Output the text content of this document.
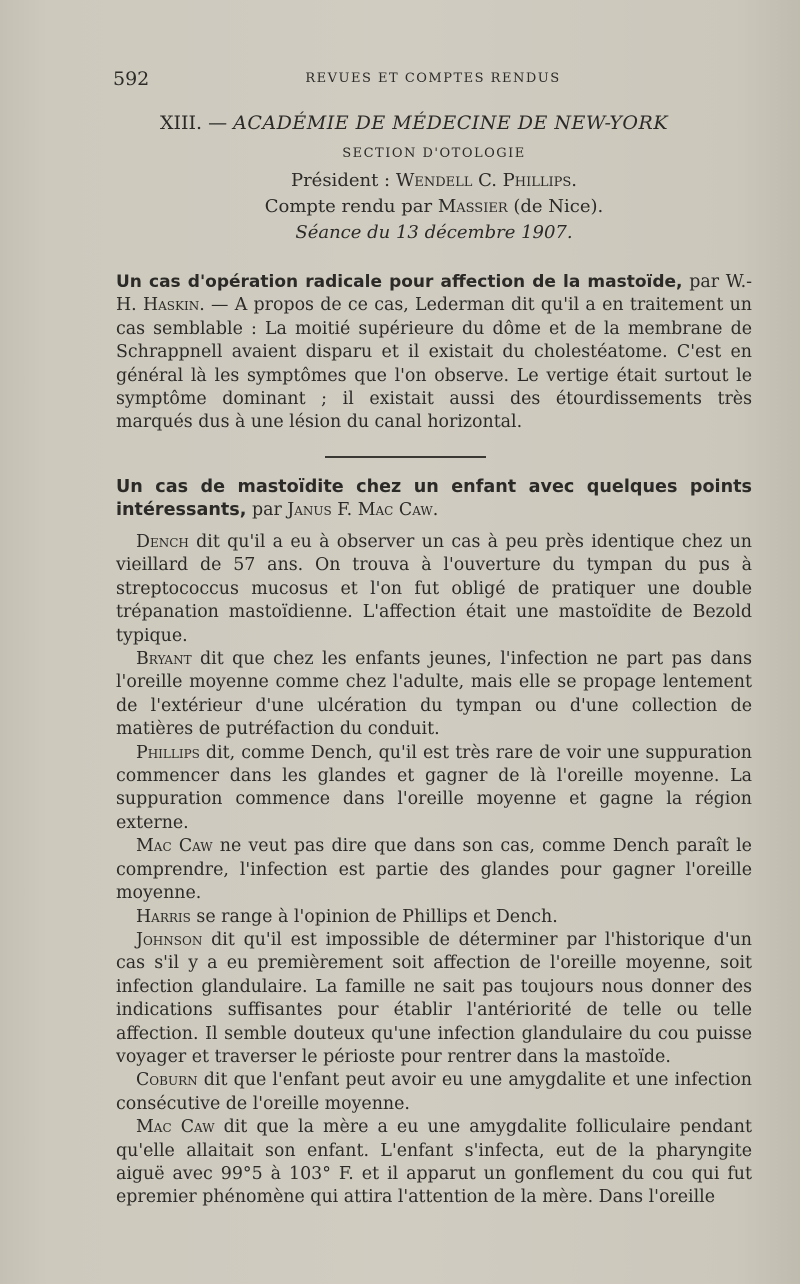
592	REVUES ET COMPTES RENDUS
XIII. — ACADÉMIE DE MÉDECINE DE NEW-YORK
SECTION D'OTOLOGIE
Président : Wendell C. Phillips.
Compte rendu par Massier (de Nice).
Séance du 13 décembre 1907.
Un cas d'opération radicale pour affection de la mastoïde, par W.-H. Haskin. — A propos de ce cas, Lederman dit qu'il a en traitement un cas semblable : La moitié supérieure du dôme et de la membrane de Schrappnell avaient disparu et il existait du cholestéatome. C'est en général là les symptômes que l'on observe. Le vertige était surtout le symptôme dominant ; il existait aussi des étourdissements très marqués dus à une lésion du canal horizontal.
Un cas de mastoïdite chez un enfant avec quelques points intéressants, par Janus F. Mac Caw.

Dench dit qu'il a eu à observer un cas à peu près identique chez un vieillard de 57 ans. On trouva à l'ouverture du tympan du pus à streptococcus mucosus et l'on fut obligé de pratiquer une double trépanation mastoïdienne. L'affection était une mastoïdite de Bezold typique.

Bryant dit que chez les enfants jeunes, l'infection ne part pas dans l'oreille moyenne comme chez l'adulte, mais elle se propage lentement de l'extérieur d'une ulcération du tympan ou d'une collection de matières de putréfaction du conduit.

Phillips dit, comme Dench, qu'il est très rare de voir une suppuration commencer dans les glandes et gagner de là l'oreille moyenne. La suppuration commence dans l'oreille moyenne et gagne la région externe.

Mac Caw ne veut pas dire que dans son cas, comme Dench paraît le comprendre, l'infection est partie des glandes pour gagner l'oreille moyenne.

Harris se range à l'opinion de Phillips et Dench.

Johnson dit qu'il est impossible de déterminer par l'historique d'un cas s'il y a eu premièrement soit affection de l'oreille moyenne, soit infection glandulaire. La famille ne sait pas toujours nous donner des indications suffisantes pour établir l'antériorité de telle ou telle affection. Il semble douteux qu'une infection glandulaire du cou puisse voyager et traverser le périoste pour rentrer dans la mastoïde.

Coburn dit que l'enfant peut avoir eu une amygdalite et une infection consécutive de l'oreille moyenne.

Mac Caw dit que la mère a eu une amygdalite folliculaire pendant qu'elle allaitait son enfant. L'enfant s'infecta, eut de la pharyngite aiguë avec 99°5 à 103° F. et il apparut un gonflement du cou qui fut epremier phénomène qui attira l'attention de la mère. Dans l'oreille
